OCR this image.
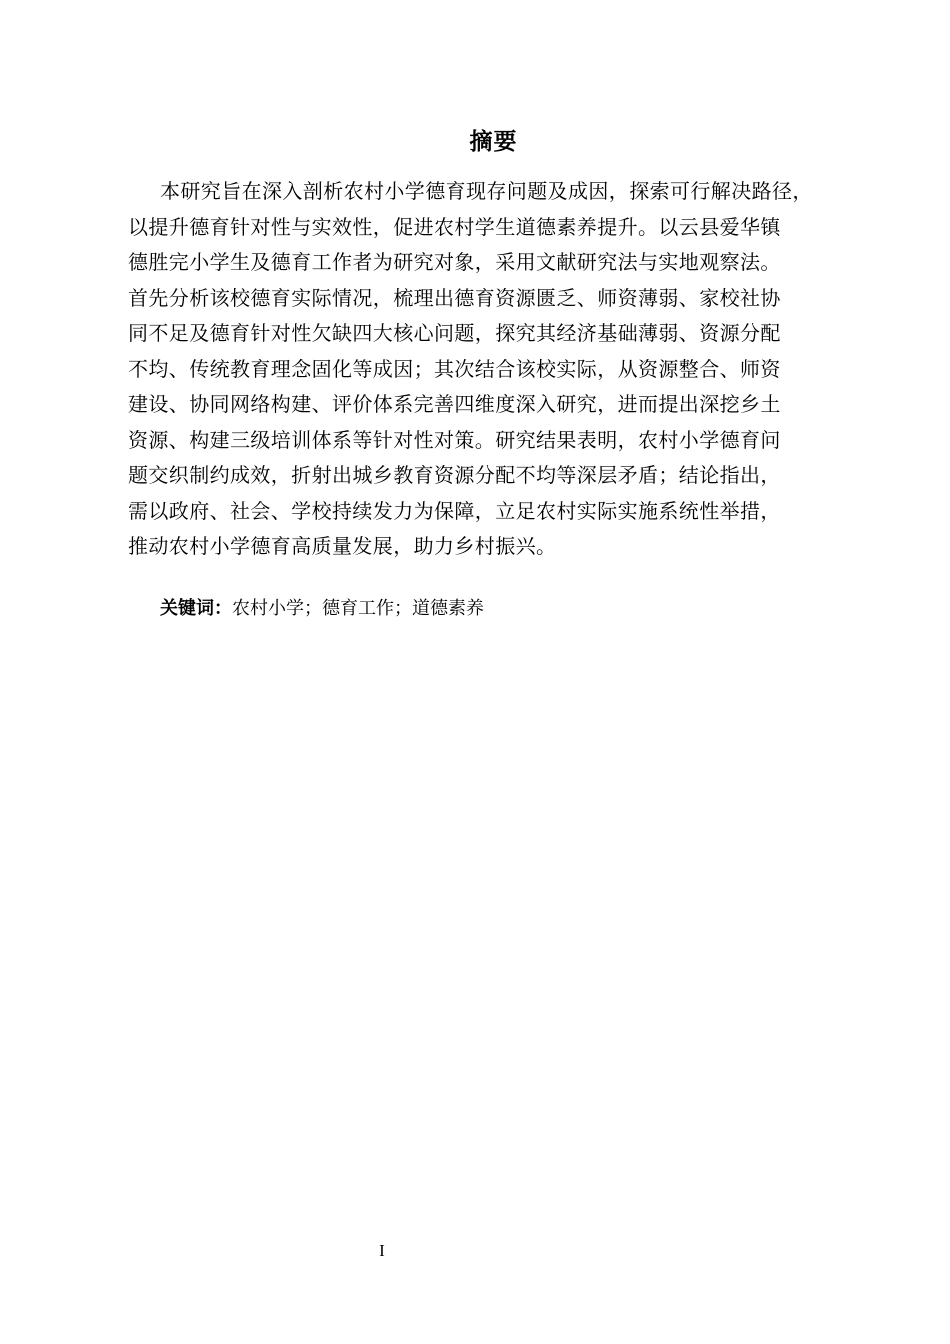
摘要
本研究旨在深入剖析农村小学德育现存问题及成因，探索可行解决路径，
以提升德育针对性与实效性，促进农村学生道德素养提升。以云县爱华镇
德胜完小学生及德育工作者为研究对象，采用文献研究法与实地观察法。
首先分析该校德育实际情况，梳理出德育资源匮乏、师资薄弱、家校社协
同不足及德育针对性欠缺四大核心问题，探究其经济基础薄弱、资源分配
不均、传统教育理念固化等成因；其次结合该校实际，从资源整合、师资
建设、协同网络构建、评价体系完善四维度深入研究，进而提出深挖乡土
资源、构建三级培训体系等针对性对策。研究结果表明，农村小学德育问
题交织制约成效，折射出城乡教育资源分配不均等深层矛盾；结论指出，
需以政府、社会、学校持续发力为保障，立足农村实际实施系统性举措，
推动农村小学德育高质量发展，助力乡村振兴。
关键词：农村小学；德育工作；道德素养
I
